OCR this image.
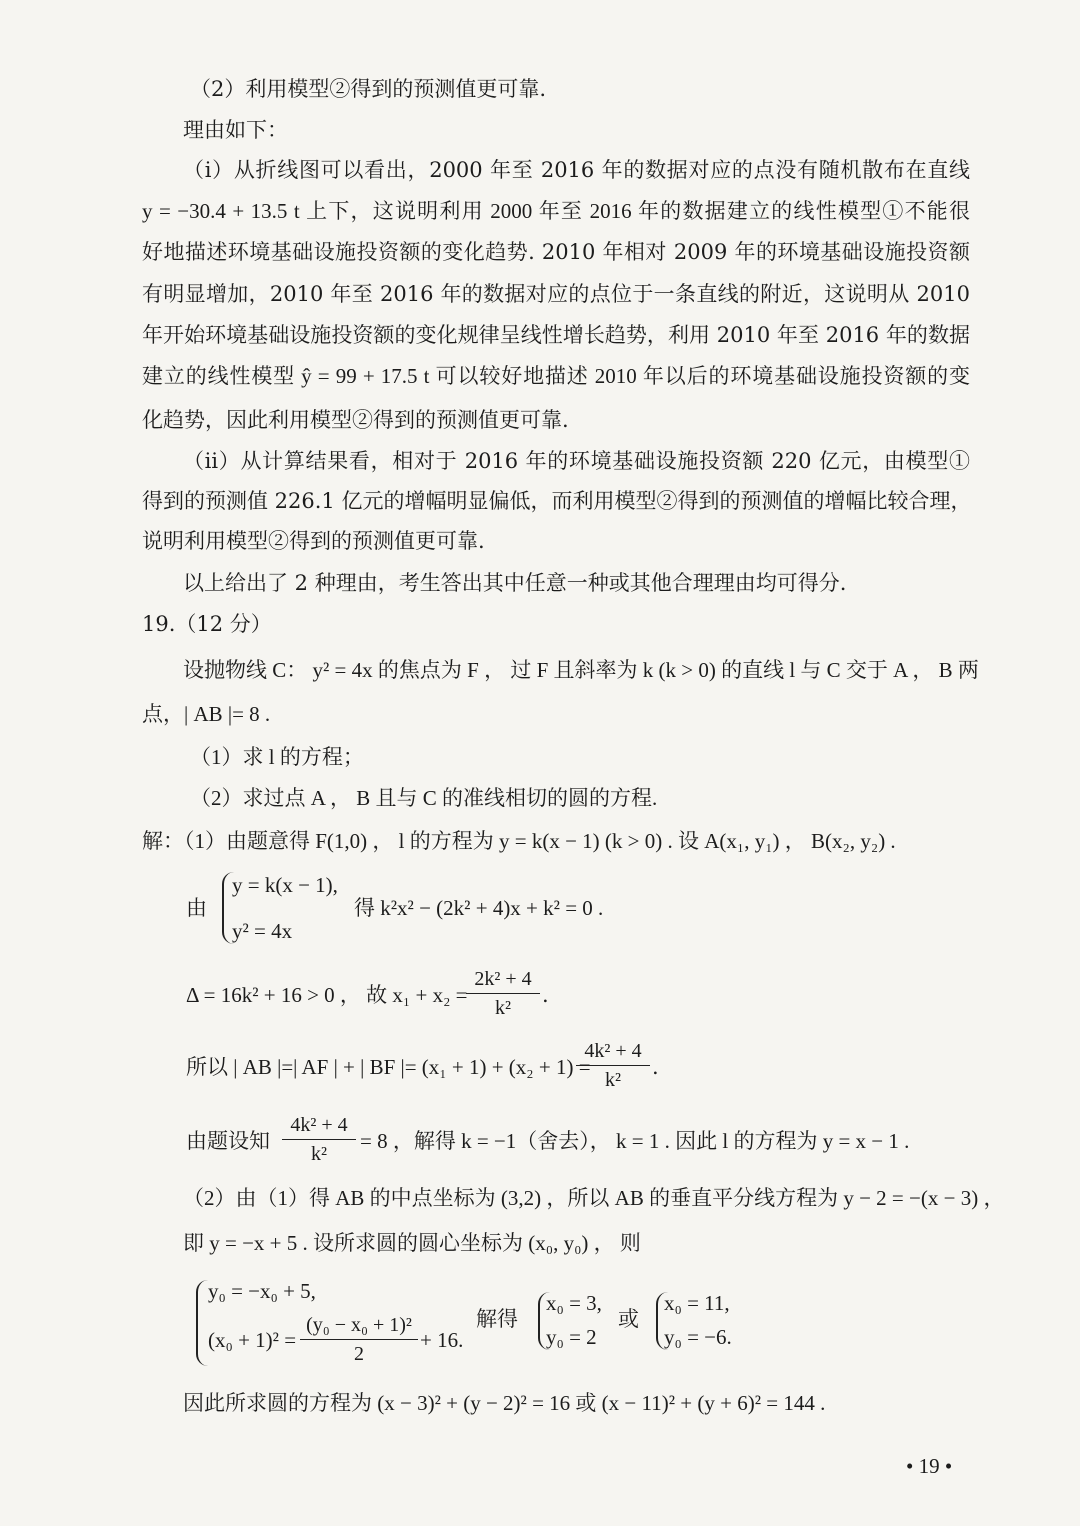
（2）利用模型②得到的预测值更可靠.
理由如下：
（ⅰ）从折线图可以看出，2000 年至 2016 年的数据对应的点没有随机散布在直线
y = −30.4 + 13.5 t 上下，这说明利用 2000 年至 2016 年的数据建立的线性模型①不能很
好地描述环境基础设施投资额的变化趋势. 2010 年相对 2009 年的环境基础设施投资额
有明显增加，2010 年至 2016 年的数据对应的点位于一条直线的附近，这说明从 2010
年开始环境基础设施投资额的变化规律呈线性增长趋势，利用 2010 年至 2016 年的数据
建立的线性模型 ŷ = 99 + 17.5 t 可以较好地描述 2010 年以后的环境基础设施投资额的变
化趋势，因此利用模型②得到的预测值更可靠.
（ⅱ）从计算结果看，相对于 2016 年的环境基础设施投资额 220 亿元，由模型①
得到的预测值 226.1 亿元的增幅明显偏低，而利用模型②得到的预测值的增幅比较合理，
说明利用模型②得到的预测值更可靠.
以上给出了 2 种理由，考生答出其中任意一种或其他合理理由均可得分.
19.（12 分）
设抛物线 C： y² = 4x 的焦点为 F ， 过 F 且斜率为 k (k > 0) 的直线 l 与 C 交于 A ， B 两
点，| AB |= 8 .
（1）求 l 的方程；
（2）求过点 A ， B 且与 C 的准线相切的圆的方程.
解：（1）由题意得 F(1,0) ， l 的方程为 y = k(x − 1) (k > 0) . 设 A(x₁, y₁) ， B(x₂, y₂) .
由
y = k(x − 1),
y² = 4x
得 k²x² − (2k² + 4)x + k² = 0 .
Δ = 16k² + 16 > 0 ， 故 x₁ + x₂ =
2k² + 4
k²
.
所以 | AB |=| AF | + | BF |= (x₁ + 1) + (x₂ + 1) =
4k² + 4
k²
.
由题设知
4k² + 4
k²
= 8 ，解得 k = −1（舍去）， k = 1 . 因此 l 的方程为 y = x − 1 .
（2）由（1）得 AB 的中点坐标为 (3,2) ，所以 AB 的垂直平分线方程为 y − 2 = −(x − 3) ，
即 y = −x + 5 . 设所求圆的圆心坐标为 (x₀, y₀) ， 则
y₀ = −x₀ + 5,
(x₀ + 1)² =
(y₀ − x₀ + 1)²
2
+ 16.
解得
x₀ = 3,
y₀ = 2
或
x₀ = 11,
y₀ = −6.
因此所求圆的方程为 (x − 3)² + (y − 2)² = 16 或 (x − 11)² + (y + 6)² = 144 .
• 19 •
